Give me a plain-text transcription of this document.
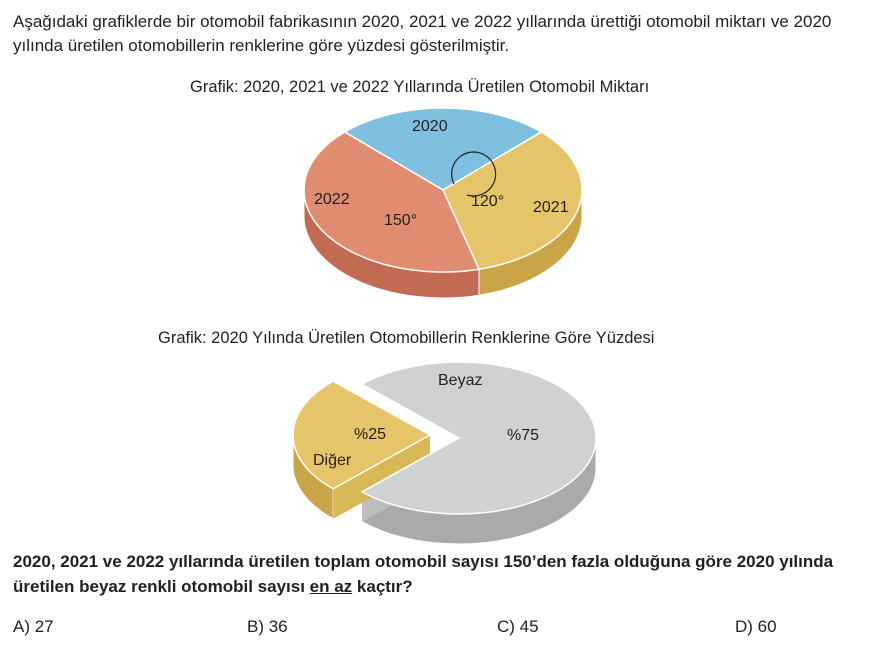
Aşağıdaki grafiklerde bir otomobil fabrikasının 2020, 2021 ve 2022 yıllarında ürettiği otomobil miktarı ve 2020 yılında üretilen otomobillerin renklerine göre yüzdesi gösterilmiştir.

Grafik: 2020, 2021 ve 2022 Yıllarında Üretilen Otomobil Miktarı

2020
2021
2022	120°
150°

Grafik: 2020 Yılında Üretilen Otomobillerin Renklerine Göre Yüzdesi

Beyaz
%75
%25
Diğer

2020, 2021 ve 2022 yıllarında üretilen toplam otomobil sayısı 150’den fazla olduğuna göre 2020 yılında üretilen beyaz renkli otomobil sayısı en az kaçtır?

A) 27	B) 36	C) 45	D) 60
